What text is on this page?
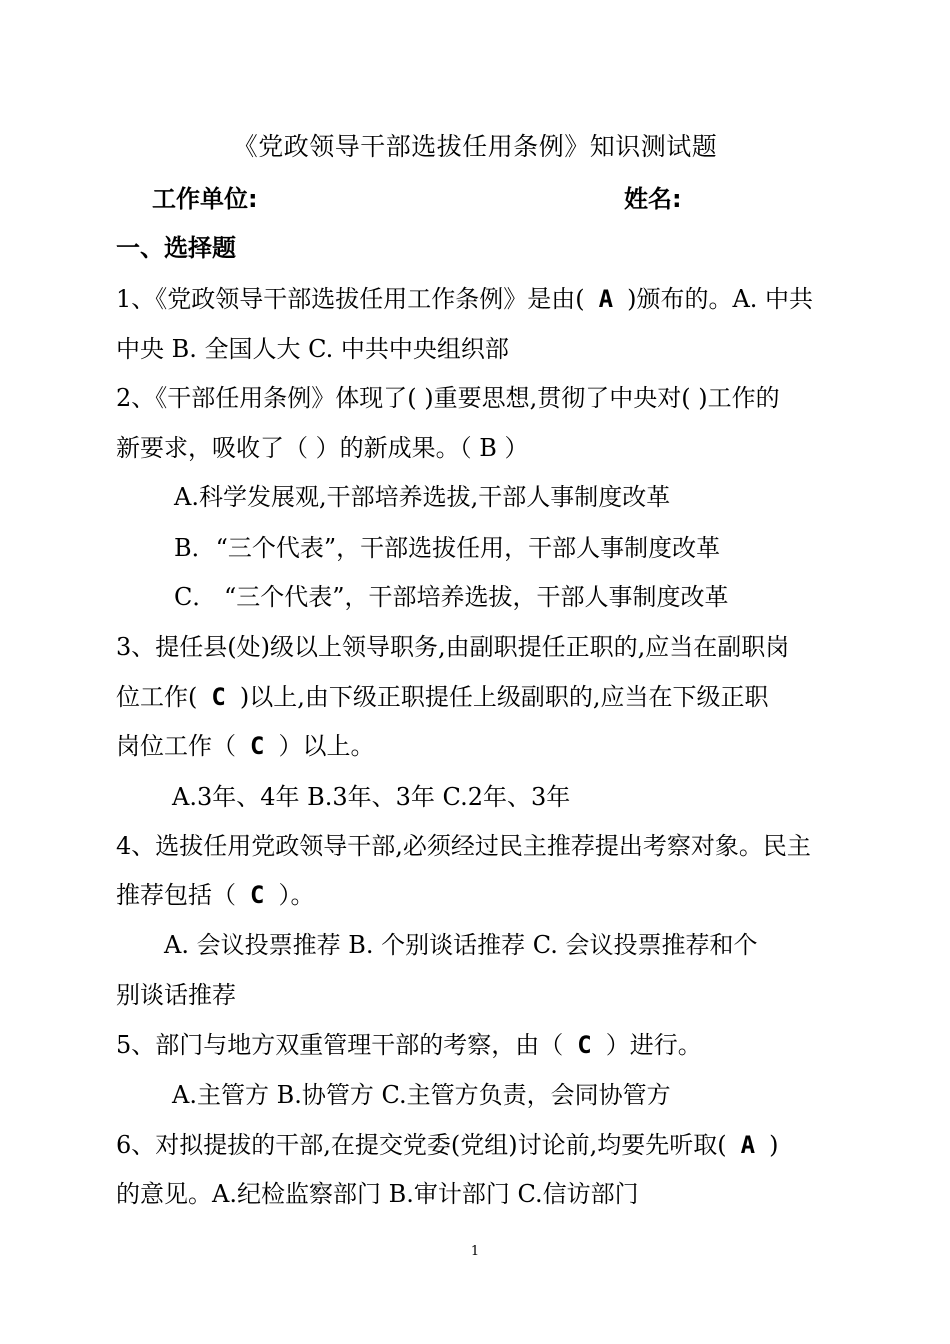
《党政领导干部选拔任用条例》知识测试题
工作单位:	姓名:
一、选择题
1、《党政领导干部选拔任用工作条例》是由( A )颁布的。A. 中共
中央 B. 全国人大 C. 中共中央组织部
2、《干部任用条例》体现了( )重要思想,贯彻了中央对( )工作的
新要求，吸收了（ ）的新成果。（ B ）
A.科学发展观,干部培养选拔,干部人事制度改革
B．“三个代表”，干部选拔任用，干部人事制度改革
C． “三个代表”，干部培养选拔，干部人事制度改革
3、提任县(处)级以上领导职务,由副职提任正职的,应当在副职岗
位工作( C )以上,由下级正职提任上级副职的,应当在下级正职
岗位工作（ C ）以上。
A.3年、4年 B.3年、3年 C.2年、3年
4、选拔任用党政领导干部,必须经过民主推荐提出考察对象。民主
推荐包括（ C ）。
A. 会议投票推荐 B. 个别谈话推荐 C. 会议投票推荐和个
别谈话推荐
5、部门与地方双重管理干部的考察，由（ C ）进行。
A.主管方 B.协管方 C.主管方负责，会同协管方
6、对拟提拔的干部,在提交党委(党组)讨论前,均要先听取( A )
的意见。A.纪检监察部门 B.审计部门 C.信访部门
1
